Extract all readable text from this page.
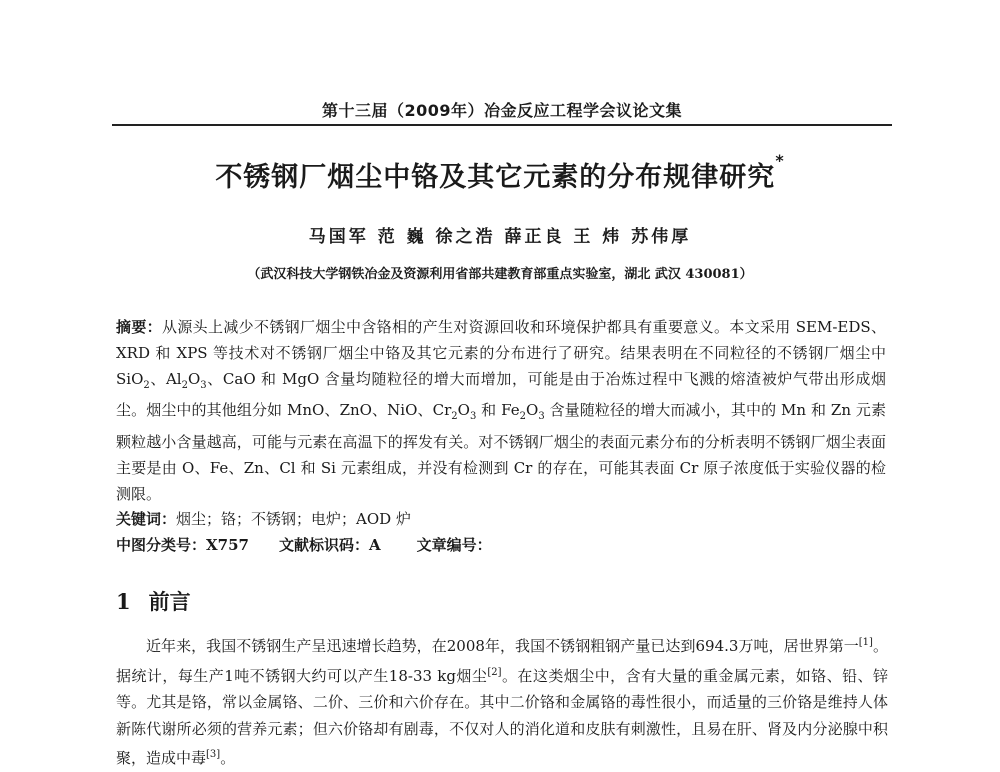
第十三届（2009年）冶金反应工程学会议论文集
不锈钢厂烟尘中铬及其它元素的分布规律研究*
马国军 范 巍 徐之浩 薛正良 王 炜 苏伟厚
（武汉科技大学钢铁冶金及资源利用省部共建教育部重点实验室，湖北 武汉 430081）
摘要：从源头上减少不锈钢厂烟尘中含铬相的产生对资源回收和环境保护都具有重要意义。本文采用 SEM-EDS、XRD 和 XPS 等技术对不锈钢厂烟尘中铬及其它元素的分布进行了研究。结果表明在不同粒径的不锈钢厂烟尘中 SiO$_2$、$Al_2O_3$、CaO 和 MgO 含量均随粒径的增大而增加，可能是由于冶炼过程中飞溅的熔渣被炉气带出形成烟尘。烟尘中的其他组分如 MnO、ZnO、NiO、$Cr_2O_3$ 和 $Fe_2O_3$ 含量随粒径的增大而减小，其中的 Mn 和 Zn 元素颗粒越小含量越高，可能与元素在高温下的挥发有关。对不锈钢厂烟尘的表面元素分布的分析表明不锈钢厂烟尘表面主要是由 O、Fe、Zn、Cl 和 Si 元素组成，并没有检测到 Cr 的存在，可能其表面 Cr 原子浓度低于实验仪器的检测限。
关键词：烟尘；铬；不锈钢；电炉；AOD 炉
中图分类号：X757 文献标识码：A 文章编号：
1 前言
近年来，我国不锈钢生产呈迅速增长趋势，在2008年，我国不锈钢粗钢产量已达到694.3万吨，居世界第一[1]。据统计，每生产1吨不锈钢大约可以产生18-33 kg烟尘[2]。在这类烟尘中，含有大量的重金属元素，如铬、铅、锌等。尤其是铬，常以金属铬、二价、三价和六价存在。其中二价铬和金属铬的毒性很小，而适量的三价铬是维持人体新陈代谢所必须的营养元素；但六价铬却有剧毒，不仅对人的消化道和皮肤有刺激性，且易在肝、肾及内分泌腺中积聚，造成中毒[3]。
